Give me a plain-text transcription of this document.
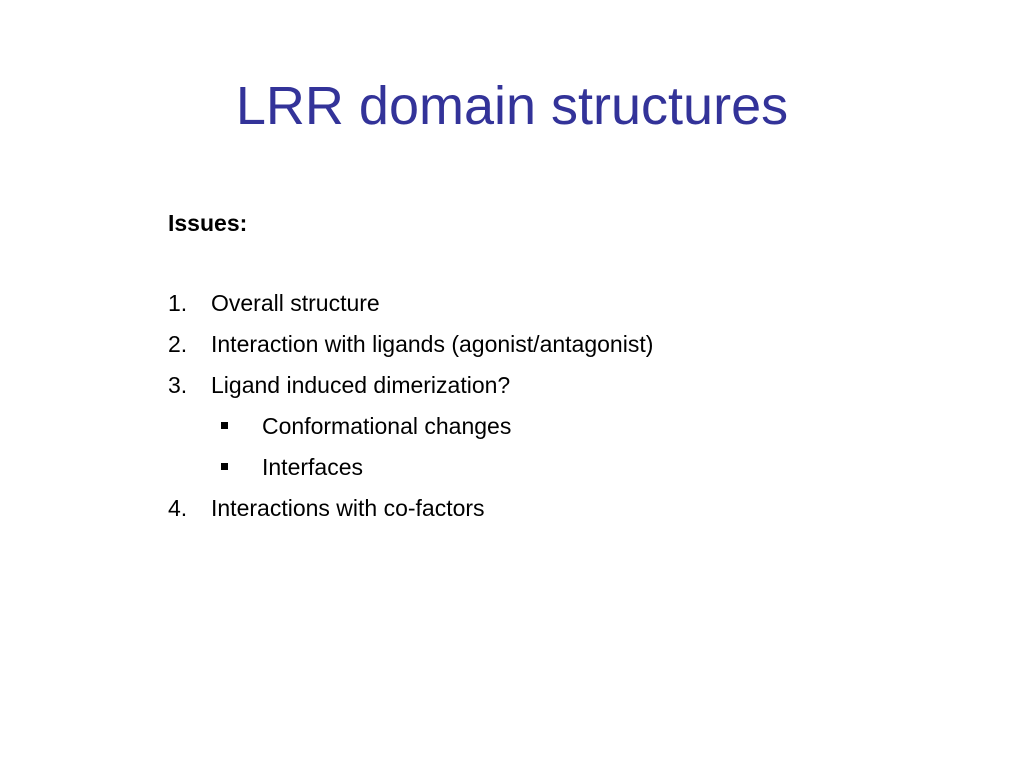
LRR domain structures

Issues:

1. Overall structure
2. Interaction with ligands (agonist/antagonist)
3. Ligand induced dimerization?
Conformational changes
Interfaces
4. Interactions with co-factors
